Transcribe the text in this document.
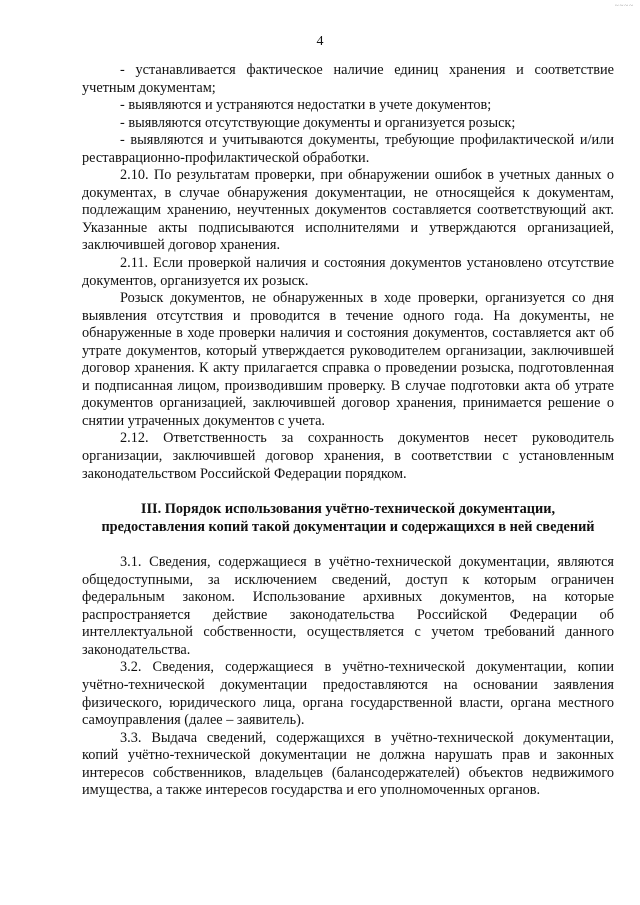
~~~~
4

- устанавливается фактическое наличие единиц хранения и соответствие учетным документам;

- выявляются и устраняются недостатки в учете документов;

- выявляются отсутствующие документы и организуется розыск;

- выявляются и учитываются документы, требующие профилактической и/или реставрационно-профилактической обработки.

2.10. По результатам проверки, при обнаружении ошибок в учетных данных о документах, в случае обнаружения документации, не относящейся к документам, подлежащим хранению, неучтенных документов составляется соответствующий акт. Указанные акты подписываются исполнителями и утверждаются организацией, заключившей договор хранения.

2.11. Если проверкой наличия и состояния документов установлено отсутствие документов, организуется их розыск.

Розыск документов, не обнаруженных в ходе проверки, организуется со дня выявления отсутствия и проводится в течение одного года. На документы, не обнаруженные в ходе проверки наличия и состояния документов, составляется акт об утрате документов, который утверждается руководителем организации, заключившей договор хранения. К акту прилагается справка о проведении розыска, подготовленная и подписанная лицом, производившим проверку. В случае подготовки акта об утрате документов организацией, заключившей договор хранения, принимается решение о снятии утраченных документов с учета.

2.12. Ответственность за сохранность документов несет руководитель организации, заключившей договор хранения, в соответствии с установленным законодательством Российской Федерации порядком.

III. Порядок использования учётно-технической документации,
предоставления копий такой документации и содержащихся в ней сведений

3.1. Сведения, содержащиеся в учётно-технической документации, являются общедоступными, за исключением сведений, доступ к которым ограничен федеральным законом. Использование архивных документов, на которые распространяется действие законодательства Российской Федерации об интеллектуальной собственности, осуществляется с учетом требований данного законодательства.

3.2. Сведения, содержащиеся в учётно-технической документации, копии учётно-технической документации предоставляются на основании заявления физического, юридического лица, органа государственной власти, органа местного самоуправления (далее – заявитель).

3.3. Выдача сведений, содержащихся в учётно-технической документации, копий учётно-технической документации не должна нарушать прав и законных интересов собственников, владельцев (балансодержателей) объектов недвижимого имущества, а также интересов государства и его уполномоченных органов.
